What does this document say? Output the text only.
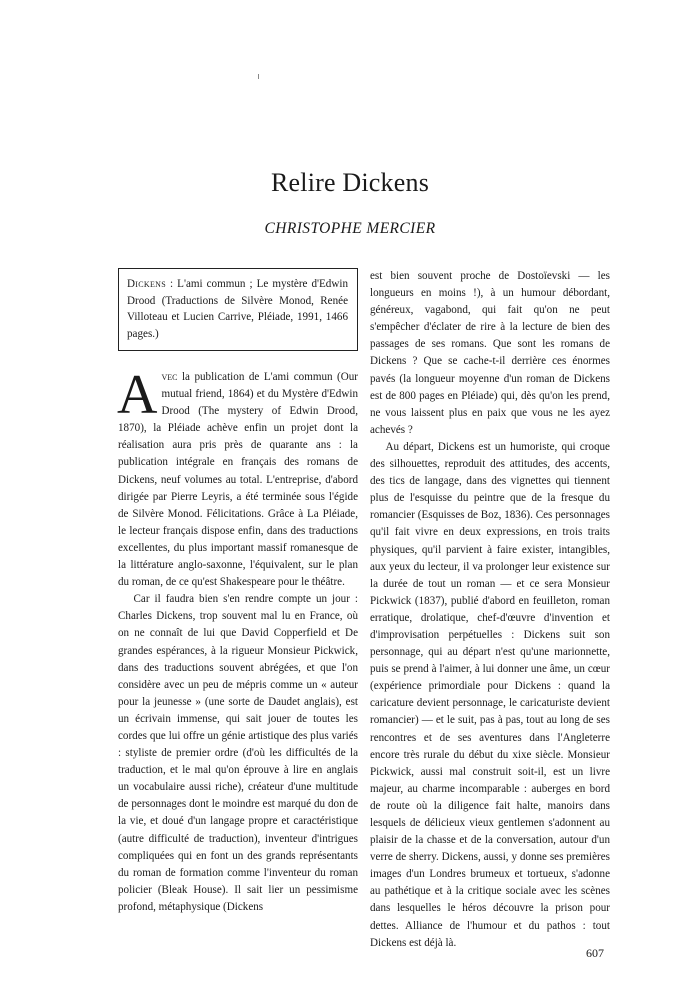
Relire Dickens
CHRISTOPHE MERCIER
Dickens : L'ami commun ; Le mystère d'Edwin Drood (Traductions de Silvère Monod, Renée Villoteau et Lucien Carrive, Pléiade, 1991, 1466 pages.)

Avec la publication de L'ami commun (Our mutual friend, 1864) et du Mystère d'Edwin Drood (The mystery of Edwin Drood, 1870), la Pléiade achève enfin un projet dont la réalisation aura pris près de quarante ans : la publication intégrale en français des romans de Dickens, neuf volumes au total. L'entreprise, d'abord dirigée par Pierre Leyris, a été terminée sous l'égide de Silvère Monod. Félicitations. Grâce à La Pléiade, le lecteur français dispose enfin, dans des traductions excellentes, du plus important massif romanesque de la littérature anglo-saxonne, l'équivalent, sur le plan du roman, de ce qu'est Shakespeare pour le théâtre.

Car il faudra bien s'en rendre compte un jour : Charles Dickens, trop souvent mal lu en France, où on ne connaît de lui que David Copperfield et De grandes espérances, à la rigueur Monsieur Pickwick, dans des traductions souvent abrégées, et que l'on considère avec un peu de mépris comme un « auteur pour la jeunesse » (une sorte de Daudet anglais), est un écrivain immense, qui sait jouer de toutes les cordes que lui offre un génie artistique des plus variés : styliste de premier ordre (d'où les difficultés de la traduction, et le mal qu'on éprouve à lire en anglais un vocabulaire aussi riche), créateur d'une multitude de personnages dont le moindre est marqué du don de la vie, et doué d'un langage propre et caractéristique (autre difficulté de traduction), inventeur d'intrigues compliquées qui en font un des grands représentants du roman de formation comme l'inventeur du roman policier (Bleak House). Il sait lier un pessimisme profond, métaphysique (Dickens

est bien souvent proche de Dostoïevski — les longueurs en moins !), à un humour débordant, généreux, vagabond, qui fait qu'on ne peut s'empêcher d'éclater de rire à la lecture de bien des passages de ses romans. Que sont les romans de Dickens ? Que se cache-t-il derrière ces énormes pavés (la longueur moyenne d'un roman de Dickens est de 800 pages en Pléiade) qui, dès qu'on les prend, ne vous laissent plus en paix que vous ne les ayez achevés ?

Au départ, Dickens est un humoriste, qui croque des silhouettes, reproduit des attitudes, des accents, des tics de langage, dans des vignettes qui tiennent plus de l'esquisse du peintre que de la fresque du romancier (Esquisses de Boz, 1836). Ces personnages qu'il fait vivre en deux expressions, en trois traits physiques, qu'il parvient à faire exister, intangibles, aux yeux du lecteur, il va prolonger leur existence sur la durée de tout un roman — et ce sera Monsieur Pickwick (1837), publié d'abord en feuilleton, roman erratique, drolatique, chef-d'œuvre d'invention et d'improvisation perpétuelles : Dickens suit son personnage, qui au départ n'est qu'une marionnette, puis se prend à l'aimer, à lui donner une âme, un cœur (expérience primordiale pour Dickens : quand la caricature devient personnage, le caricaturiste devient romancier) — et le suit, pas à pas, tout au long de ses rencontres et de ses aventures dans l'Angleterre encore très rurale du début du xixe siècle. Monsieur Pickwick, aussi mal construit soit-il, est un livre majeur, au charme incomparable : auberges en bord de route où la diligence fait halte, manoirs dans lesquels de délicieux vieux gentlemen s'adonnent au plaisir de la chasse et de la conversation, autour d'un verre de sherry. Dickens, aussi, y donne ses premières images d'un Londres brumeux et tortueux, s'adonne au pathétique et à la critique sociale avec les scènes dans lesquelles le héros découvre la prison pour dettes. Alliance de l'humour et du pathos : tout Dickens est déjà là.

607
